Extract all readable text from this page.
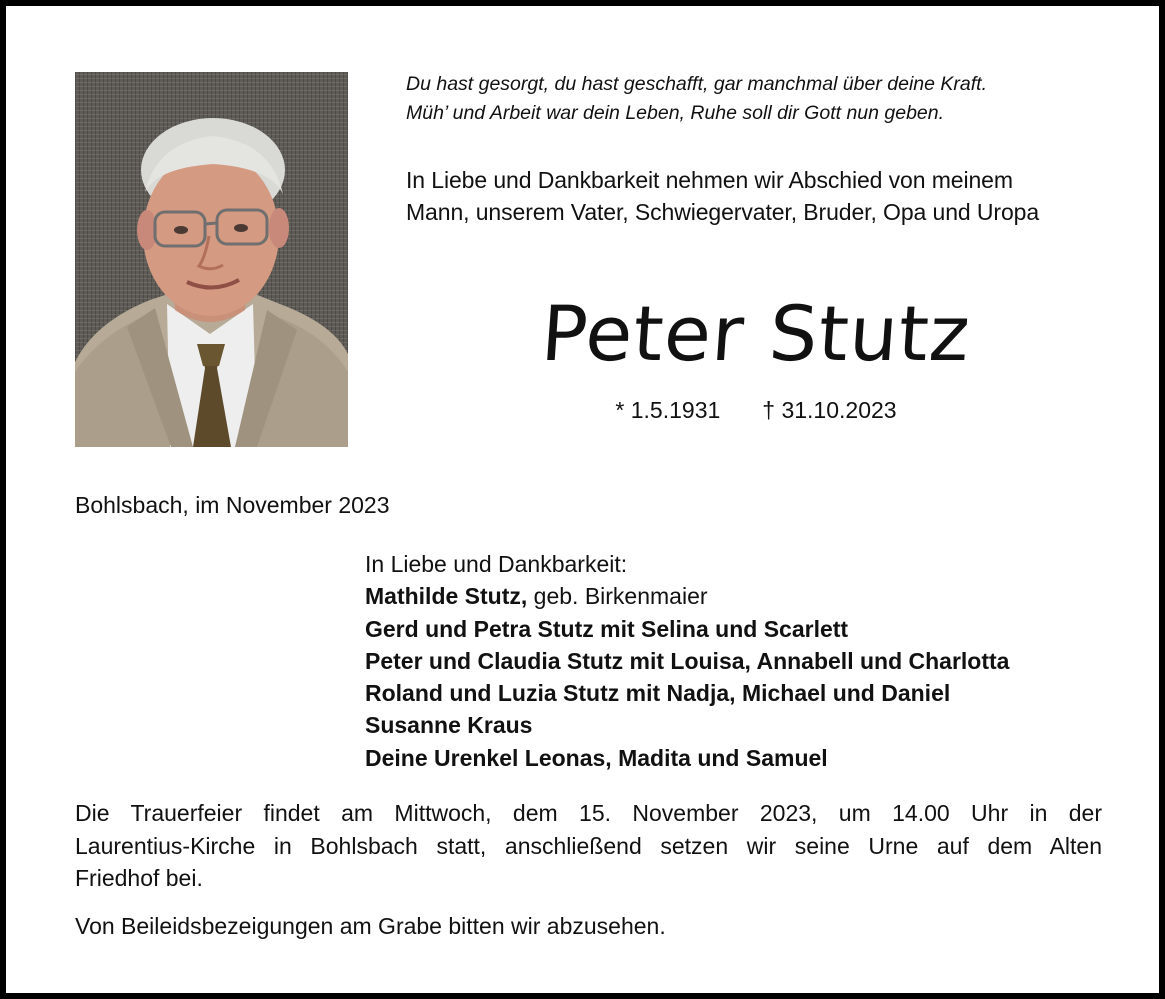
Du hast gesorgt, du hast geschafft, gar manchmal über deine Kraft.
Müh’ und Arbeit war dein Leben, Ruhe soll dir Gott nun geben.
In Liebe und Dankbarkeit nehmen wir Abschied von meinem
Mann, unserem Vater, Schwiegervater, Bruder, Opa und Uropa
Peter Stutz
* 1.5.1931 † 31.10.2023
Bohlsbach, im November 2023
In Liebe und Dankbarkeit:
Mathilde Stutz, geb. Birkenmaier
Gerd und Petra Stutz mit Selina und Scarlett
Peter und Claudia Stutz mit Louisa, Annabell und Charlotta
Roland und Luzia Stutz mit Nadja, Michael und Daniel
Susanne Kraus
Deine Urenkel Leonas, Madita und Samuel
Die Trauerfeier findet am Mittwoch, dem 15. November 2023, um 14.00 Uhr in der
Laurentius-Kirche in Bohlsbach statt, anschließend setzen wir seine Urne auf dem Alten
Friedhof bei.
Von Beileidsbezeigungen am Grabe bitten wir abzusehen.
